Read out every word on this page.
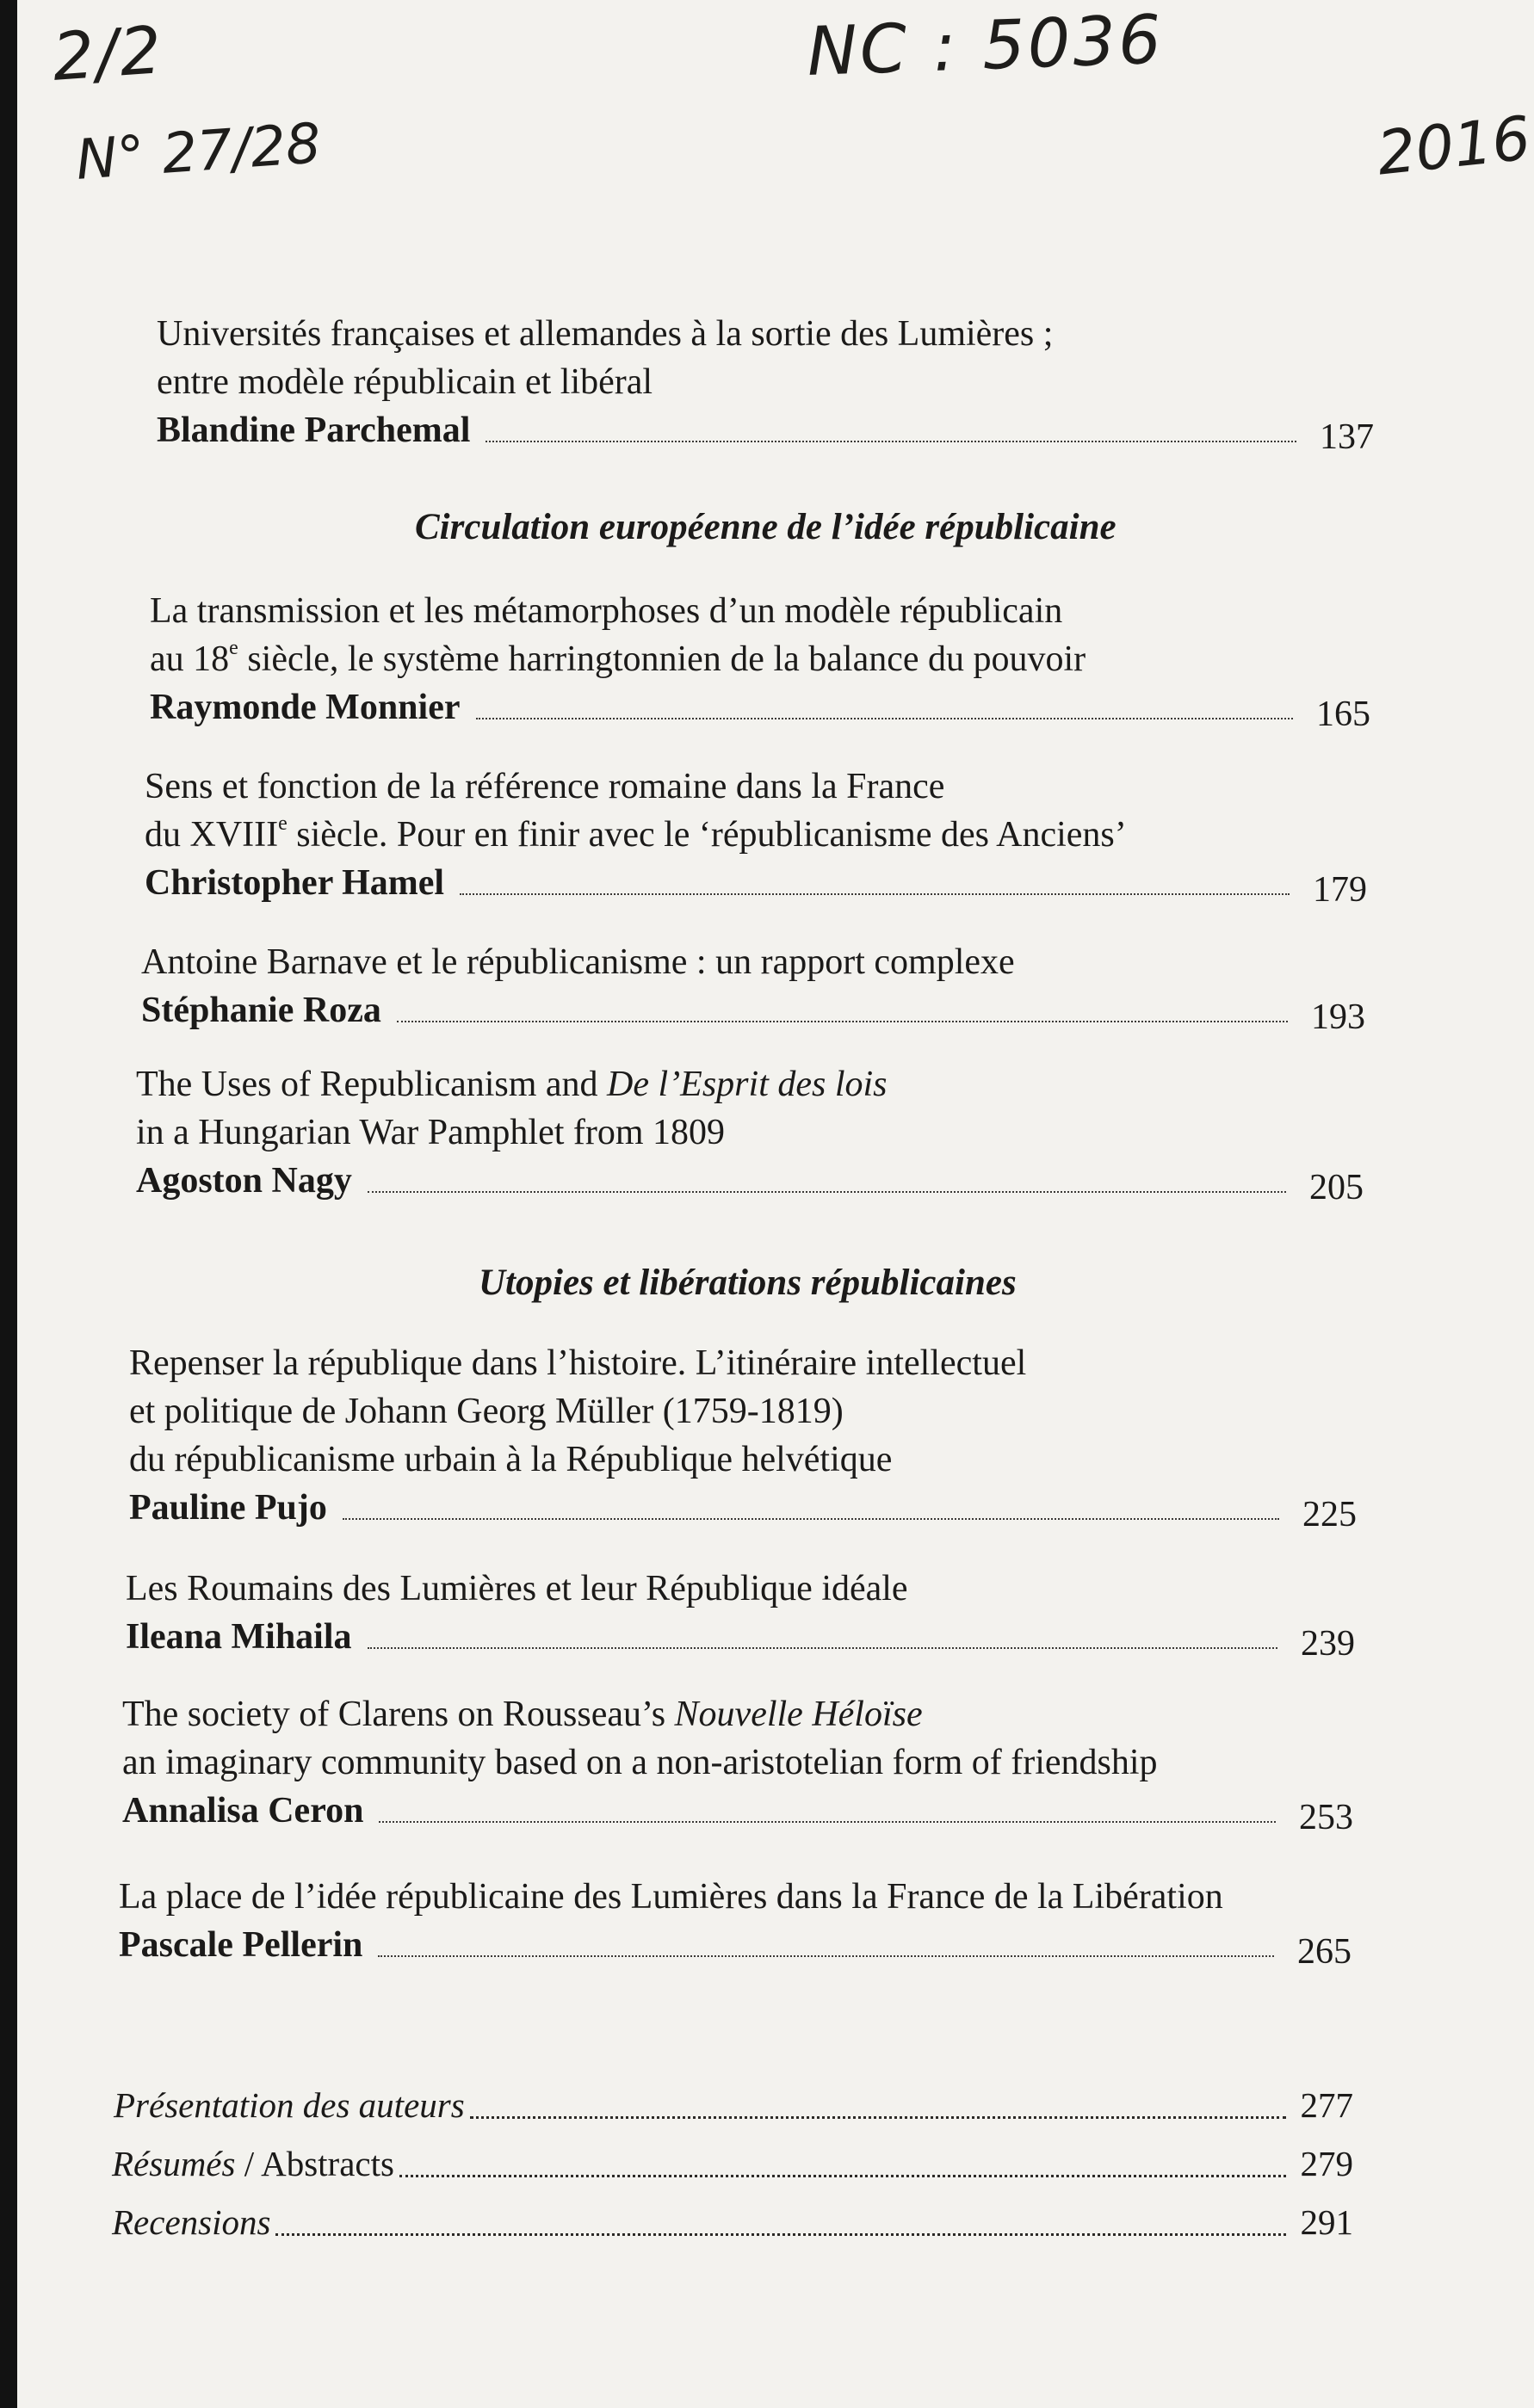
2/2
N° 27/28
NC : 5036
2016
Universités françaises et allemandes à la sortie des Lumières ;
entre modèle républicain et libéral
Blandine Parchemal	137
Circulation européenne de l’idée républicaine
La transmission et les métamorphoses d’un modèle républicain
au 18e siècle, le système harringtonnien de la balance du pouvoir
Raymonde Monnier	165
Sens et fonction de la référence romaine dans la France
du XVIIIe siècle. Pour en finir avec le ‘républicanisme des Anciens’
Christopher Hamel	179
Antoine Barnave et le républicanisme : un rapport complexe
Stéphanie Roza	193
The Uses of Republicanism and De l’Esprit des lois
in a Hungarian War Pamphlet from 1809
Agoston Nagy	205
Utopies et libérations républicaines
Repenser la république dans l’histoire. L’itinéraire intellectuel
et politique de Johann Georg Müller (1759-1819)
du républicanisme urbain à la République helvétique
Pauline Pujo	225
Les Roumains des Lumières et leur République idéale
Ileana Mihaila	239
The society of Clarens on Rousseau’s Nouvelle Héloïse
an imaginary community based on a non-aristotelian form of friendship
Annalisa Ceron	253
La place de l’idée républicaine des Lumières dans la France de la Libération
Pascale Pellerin	265
Présentation des auteurs	277
Résumés / Abstracts	279
Recensions	291
